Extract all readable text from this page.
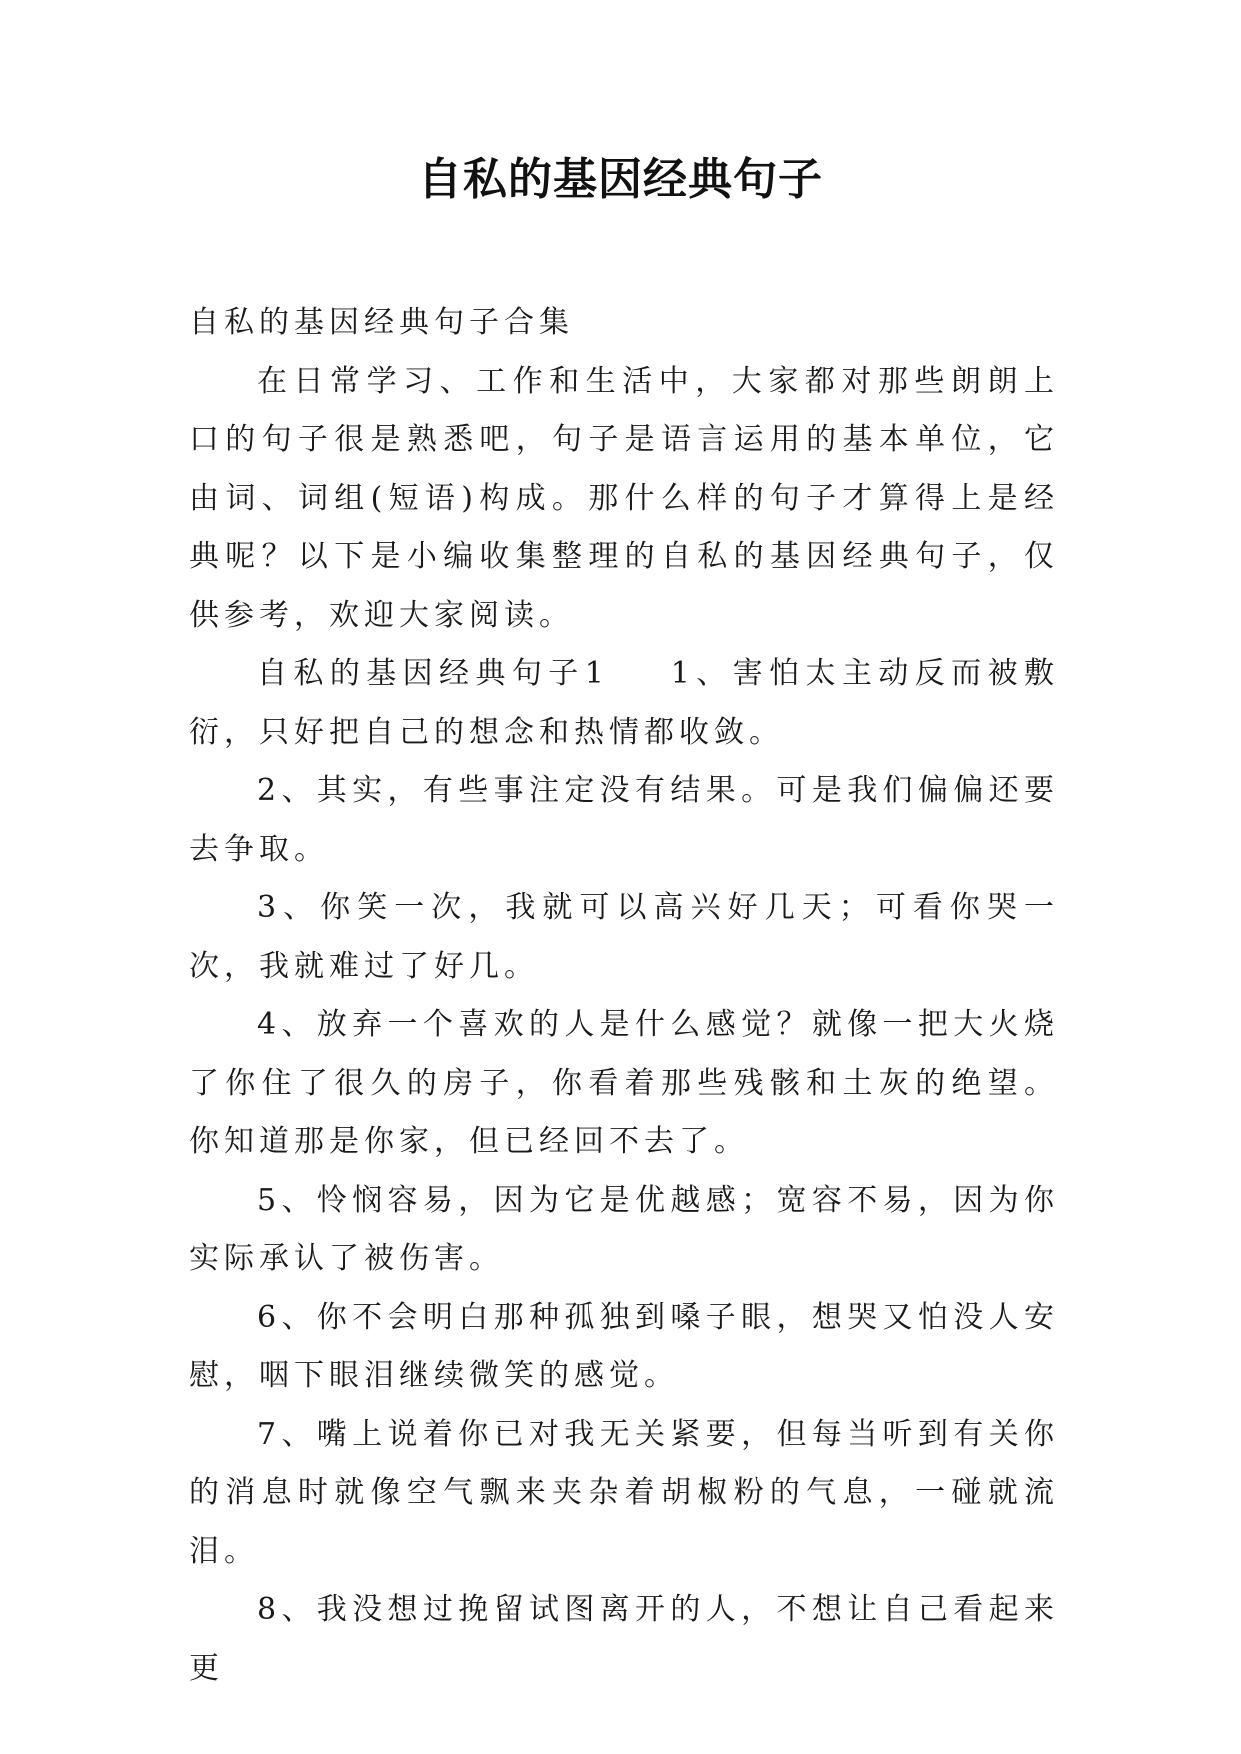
自私的基因经典句子

自私的基因经典句子合集

在日常学习、工作和生活中，大家都对那些朗朗上口的句子很是熟悉吧，句子是语言运用的基本单位，它由词、词组(短语)构成。那什么样的句子才算得上是经典呢？以下是小编收集整理的自私的基因经典句子，仅供参考，欢迎大家阅读。

自私的基因经典句子1 1、害怕太主动反而被敷衍，只好把自己的想念和热情都收敛。

2、其实，有些事注定没有结果。可是我们偏偏还要去争取。

3、你笑一次，我就可以高兴好几天；可看你哭一次，我就难过了好几。

4、放弃一个喜欢的人是什么感觉？就像一把大火烧了你住了很久的房子，你看着那些残骸和土灰的绝望。你知道那是你家，但已经回不去了。

5、怜悯容易，因为它是优越感；宽容不易，因为你实际承认了被伤害。

6、你不会明白那种孤独到嗓子眼，想哭又怕没人安慰，咽下眼泪继续微笑的感觉。

7、嘴上说着你已对我无关紧要，但每当听到有关你的消息时就像空气飘来夹杂着胡椒粉的气息，一碰就流泪。

8、我没想过挽留试图离开的人，不想让自己看起来更
